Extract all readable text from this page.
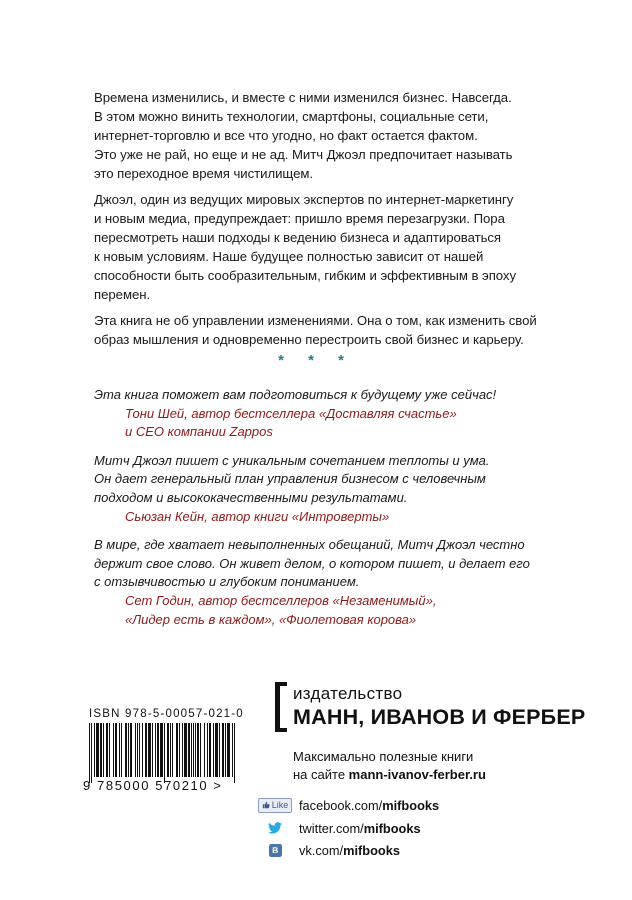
Времена изменились, и вместе с ними изменился бизнес. Навсегда.
В этом можно винить технологии, смартфоны, социальные сети,
интернет-торговлю и все что угодно, но факт остается фактом.
Это уже не рай, но еще и не ад. Митч Джоэл предпочитает называть
это переходное время чистилищем.

Джоэл, один из ведущих мировых экспертов по интернет-маркетингу
и новым медиа, предупреждает: пришло время перезагрузки. Пора
пересмотреть наши подходы к ведению бизнеса и адаптироваться
к новым условиям. Наше будущее полностью зависит от нашей
способности быть сообразительным, гибким и эффективным в эпоху
перемен.

Эта книга не об управлении изменениями. Она о том, как изменить свой
образ мышления и одновременно перестроить свой бизнес и карьеру.

* * *
Эта книга поможет вам подготовиться к будущему уже сейчас!
Тони Шей, автор бестселлера «Доставляя счастье»
и CEO компании Zappos
Митч Джоэл пишет с уникальным сочетанием теплоты и ума.
Он дает генеральный план управления бизнесом с человечным
подходом и высококачественными результатами.
Сьюзан Кейн, автор книги «Интроверты»
В мире, где хватает невыполненных обещаний, Митч Джоэл честно
держит свое слово. Он живет делом, о котором пишет, и делает его
с отзывчивостью и глубоким пониманием.
Сет Годин, автор бестселлеров «Незаменимый»,
«Лидер есть в каждом», «Фиолетовая корова»
ISBN 978-5-00057-021-0
9 785000 570210 >
издательство
МАНН, ИВАНОВ И ФЕРБЕР
Максимально полезные книги
на сайте mann-ivanov-ferber.ru
Like facebook.com/mifbooks
twitter.com/mifbooks
vk.com/mifbooks
